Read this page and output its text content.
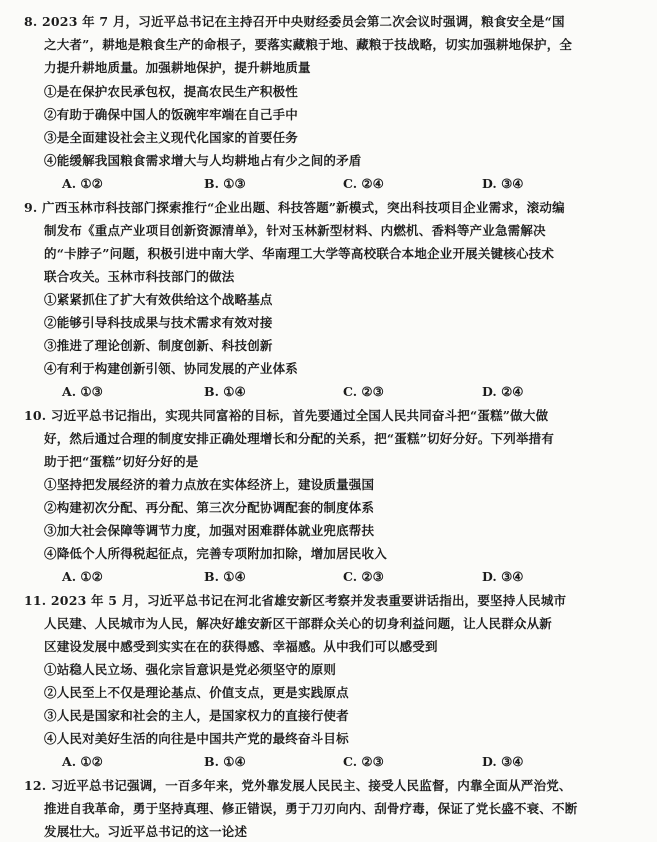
8. 2023 年 7 月，习近平总书记在主持召开中央财经委员会第二次会议时强调，粮食安全是“国
之大者”，耕地是粮食生产的命根子，要落实藏粮于地、藏粮于技战略，切实加强耕地保护，全
力提升耕地质量。加强耕地保护，提升耕地质量
①是在保护农民承包权，提高农民生产积极性
②有助于确保中国人的饭碗牢牢端在自己手中
③是全面建设社会主义现代化国家的首要任务
④能缓解我国粮食需求增大与人均耕地占有少之间的矛盾
A. ①②	B. ①③	C. ②④	D. ③④
9. 广西玉林市科技部门探索推行“企业出题、科技答题”新模式，突出科技项目企业需求，滚动编
制发布《重点产业项目创新资源清单》，针对玉林新型材料、内燃机、香料等产业急需解决
的“卡脖子”问题，积极引进中南大学、华南理工大学等高校联合本地企业开展关键核心技术
联合攻关。玉林市科技部门的做法
①紧紧抓住了扩大有效供给这个战略基点
②能够引导科技成果与技术需求有效对接
③推进了理论创新、制度创新、科技创新
④有利于构建创新引领、协同发展的产业体系
A. ①③	B. ①④	C. ②③	D. ②④
10. 习近平总书记指出，实现共同富裕的目标，首先要通过全国人民共同奋斗把“蛋糕”做大做
好，然后通过合理的制度安排正确处理增长和分配的关系，把“蛋糕”切好分好。下列举措有
助于把“蛋糕”切好分好的是
①坚持把发展经济的着力点放在实体经济上，建设质量强国
②构建初次分配、再分配、第三次分配协调配套的制度体系
③加大社会保障等调节力度，加强对困难群体就业兜底帮扶
④降低个人所得税起征点，完善专项附加扣除，增加居民收入
A. ①②	B. ①④	C. ②③	D. ③④
11. 2023 年 5 月，习近平总书记在河北省雄安新区考察并发表重要讲话指出，要坚持人民城市
人民建、人民城市为人民，解决好雄安新区干部群众关心的切身利益问题，让人民群众从新
区建设发展中感受到实实在在的获得感、幸福感。从中我们可以感受到
①站稳人民立场、强化宗旨意识是党必须坚守的原则
②人民至上不仅是理论基点、价值支点，更是实践原点
③人民是国家和社会的主人，是国家权力的直接行使者
④人民对美好生活的向往是中国共产党的最终奋斗目标
A. ①②	B. ①④	C. ②③	D. ③④
12. 习近平总书记强调，一百多年来，党外靠发展人民民主、接受人民监督，内靠全面从严治党、
推进自我革命，勇于坚持真理、修正错误，勇于刀刃向内、刮骨疗毒，保证了党长盛不衰、不断
发展壮大。习近平总书记的这一论述
